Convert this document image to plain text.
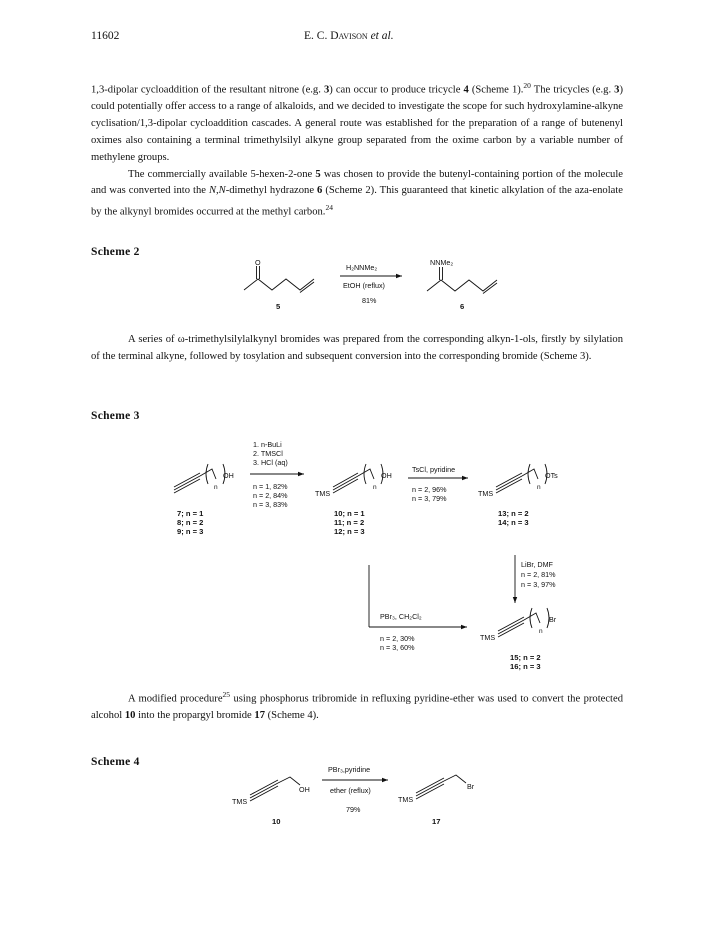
11602	E. C. Davison et al.

1,3-dipolar cycloaddition of the resultant nitrone (e.g. 3) can occur to produce tricycle 4 (Scheme 1).$^{20}$ The tricycles (e.g. 3) could potentially offer access to a range of alkaloids, and we decided to investigate the scope for such hydroxylamine-alkyne cyclisation/1,3-dipolar cycloaddition cascades. A general route was established for the preparation of a range of butenenyl oximes also containing a terminal trimethylsilyl alkyne group separated from the oxime carbon by a variable number of methylene groups.

The commercially available 5-hexen-2-one 5 was chosen to provide the butenyl-containing portion of the molecule and was converted into the N,N-dimethyl hydrazone 6 (Scheme 2). This guaranteed that kinetic alkylation of the aza-enolate by the alkynyl bromides occurred at the methyl carbon.$^{24}$

Scheme 2

A series of ω-trimethylsilylalkynyl bromides was prepared from the corresponding alkyn-1-ols, firstly by silylation of the terminal alkyne, followed by tosylation and subsequent conversion into the corresponding bromide (Scheme 3).

Scheme 3

A modified procedure$^{25}$ using phosphorus tribromide in refluxing pyridine-ether was used to convert the protected alcohol 10 into the propargyl bromide 17 (Scheme 4).

Scheme 4
O
5
H₂NNMe₂
EtOH (reflux)
81%
NNMe₂
6
OH
n
7; n = 1
8; n = 2
9; n = 3
1. n-BuLi
2. TMSCl
3. HCl (aq)
n = 1, 82%
n = 2, 84%
n = 3, 83%
TMS
OH
n
10; n = 1
11; n = 2
12; n = 3
TsCl, pyridine
n = 2, 96%
n = 3, 79%
TMS
OTs
n
13; n = 2
14; n = 3
LiBr, DMF
n = 2, 81%
n = 3, 97%
PBr₃, CH₂Cl₂
n = 2, 30%
n = 3, 60%
TMS
Br
n
15; n = 2
16; n = 3
TMS
OH
10
PBr₃,pyridine
ether (reflux)
79%
TMS
Br
17
